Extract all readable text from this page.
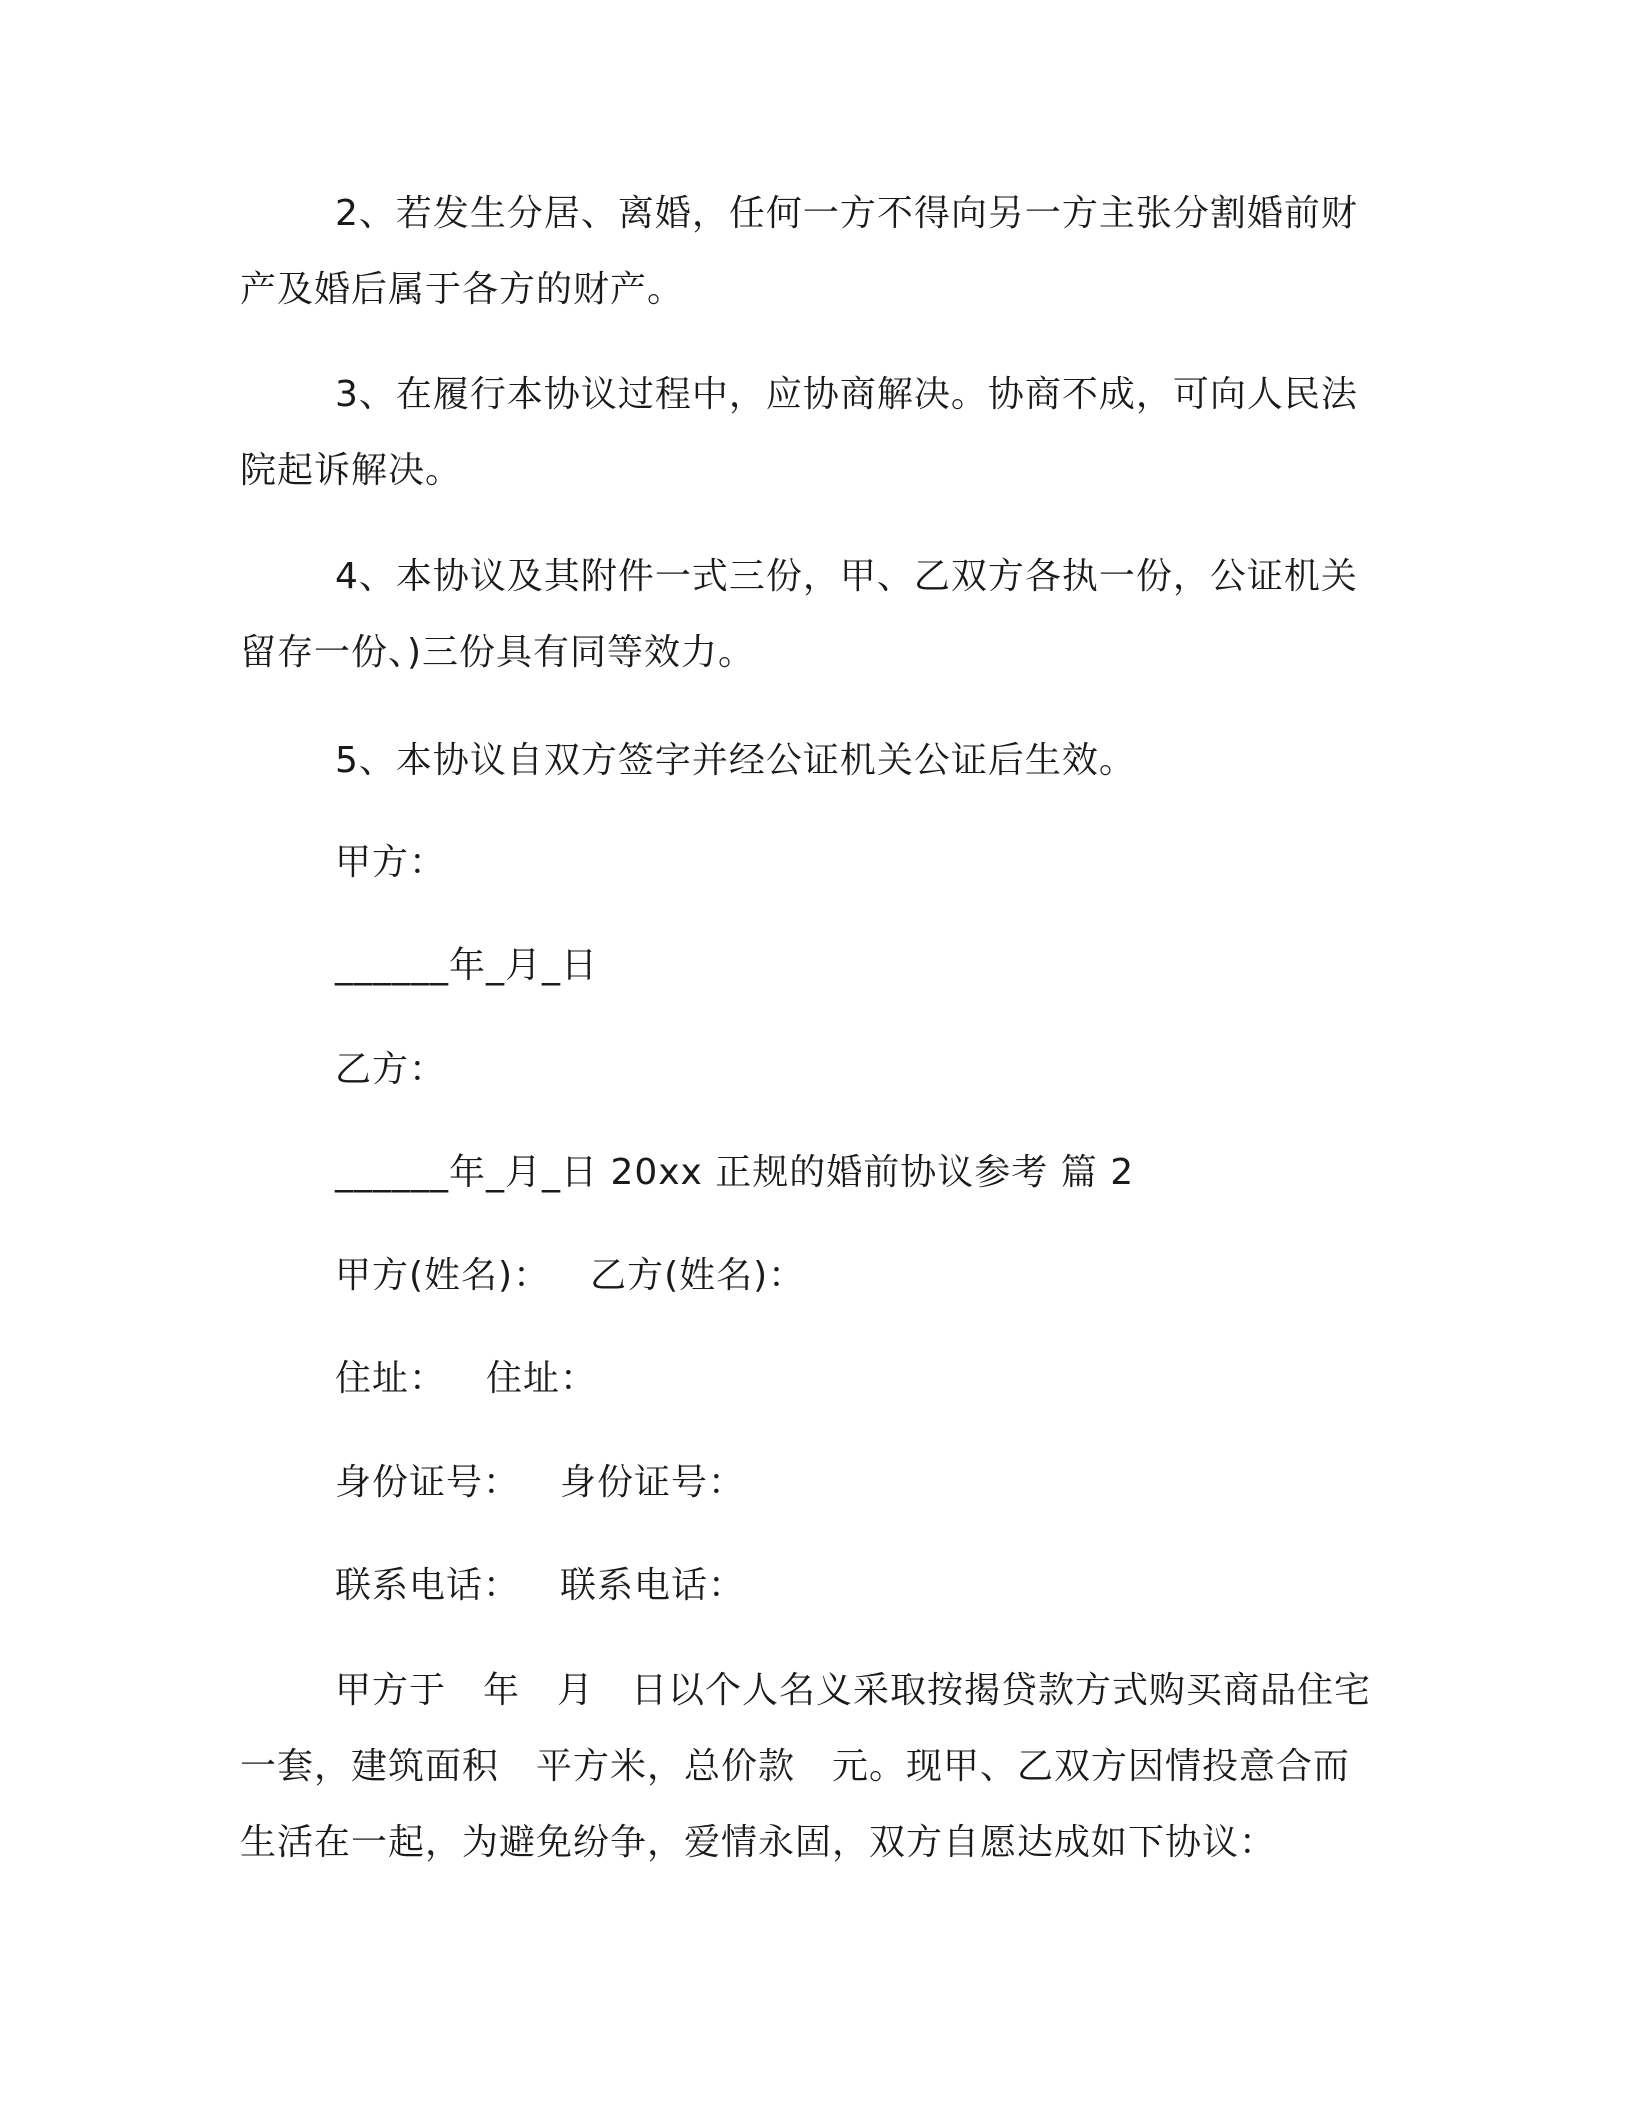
2、若发生分居、离婚，任何一方不得向另一方主张分割婚前财
产及婚后属于各方的财产。
3、在履行本协议过程中，应协商解决。协商不成，可向人民法
院起诉解决。
4、本协议及其附件一式三份，甲、乙双方各执一份，公证机关
留存一份、)三份具有同等效力。

5、本协议自双方签字并经公证机关公证后生效。

甲方：

______年_月_日

乙方：

______年_月_日 20xx 正规的婚前协议参考 篇 2

甲方(姓名)： 乙方(姓名)：

住址： 住址：

身份证号： 身份证号：

联系电话： 联系电话：

甲方于　年　月　日以个人名义采取按揭贷款方式购买商品住宅
一套，建筑面积　平方米，总价款　元。现甲、乙双方因情投意合而
生活在一起，为避免纷争，爱情永固，双方自愿达成如下协议：
